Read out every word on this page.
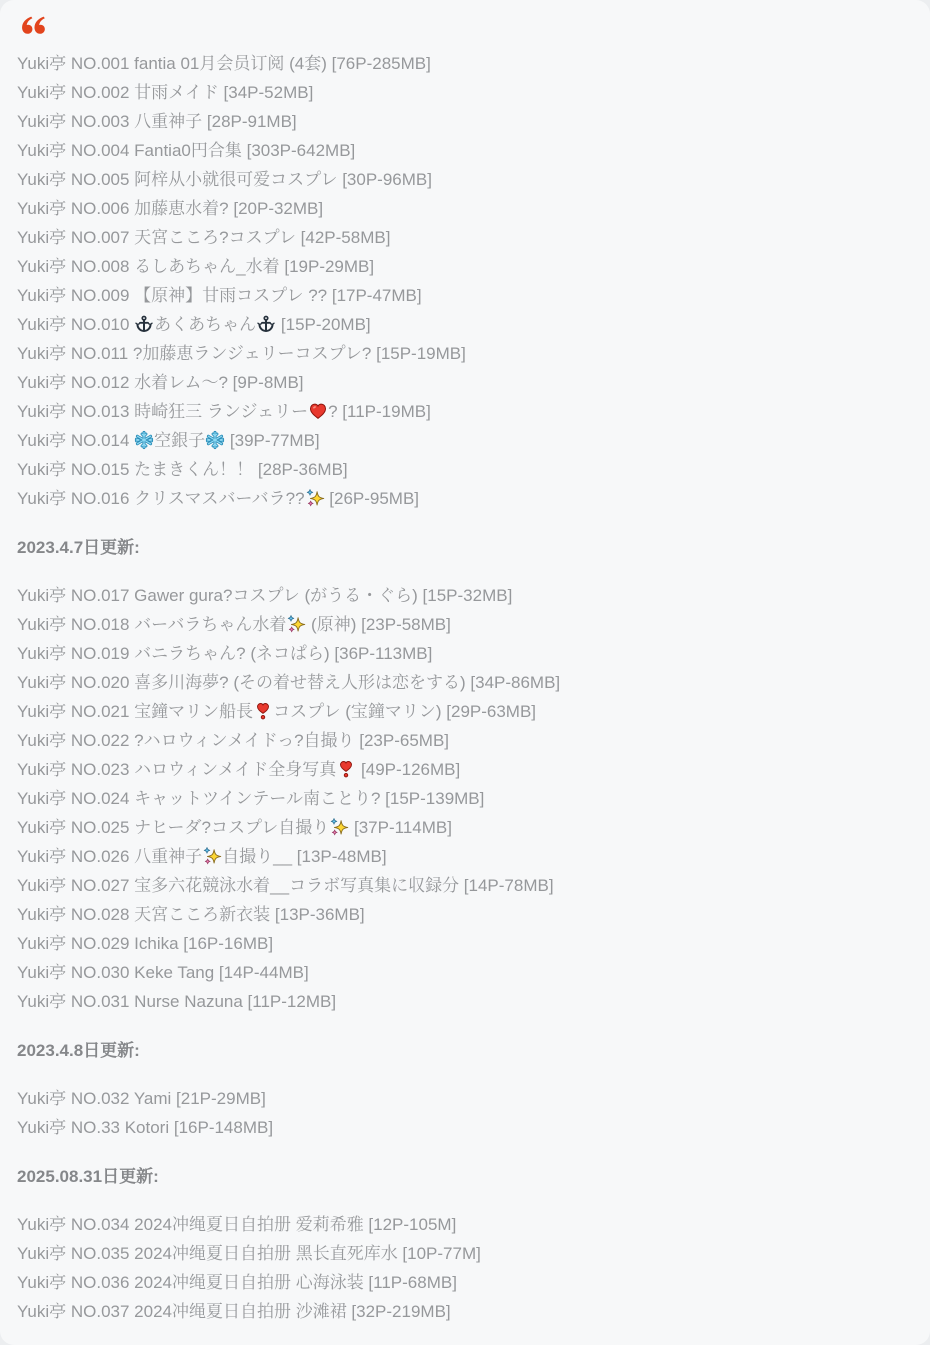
Yuki亭 NO.001 fantia 01月会员订阅 (4套) [76P-285MB]
Yuki亭 NO.002 甘雨メイド [34P-52MB]
Yuki亭 NO.003 八重神子 [28P-91MB]
Yuki亭 NO.004 Fantia0円合集 [303P-642MB]
Yuki亭 NO.005 阿梓从小就很可爱コスプレ [30P-96MB]
Yuki亭 NO.006 加藤恵水着? [20P-32MB]
Yuki亭 NO.007 天宮こころ?コスプレ [42P-58MB]
Yuki亭 NO.008 るしあちゃん_水着 [19P-29MB]
Yuki亭 NO.009 【原神】甘雨コスプレ ?? [17P-47MB]
Yuki亭 NO.010 あくあちゃん [15P-20MB]
Yuki亭 NO.011 ?加藤恵ランジェリーコスプレ? [15P-19MB]
Yuki亭 NO.012 水着レム～? [9P-8MB]
Yuki亭 NO.013 時崎狂三 ランジェリー ? [11P-19MB]
Yuki亭 NO.014 空銀子 [39P-77MB]
Yuki亭 NO.015 たまきくん！！ [28P-36MB]
Yuki亭 NO.016 クリスマスバーバラ?? [26P-95MB]
2023.4.7日更新:
Yuki亭 NO.017 Gawer gura?コスプレ (がうる・ぐら) [15P-32MB]
Yuki亭 NO.018 バーバラちゃん水着 (原神) [23P-58MB]
Yuki亭 NO.019 バニラちゃん? (ネコぱら) [36P-113MB]
Yuki亭 NO.020 喜多川海夢? (その着せ替え人形は恋をする) [34P-86MB]
Yuki亭 NO.021 宝鐘マリン船長 コスプレ (宝鐘マリン) [29P-63MB]
Yuki亭 NO.022 ?ハロウィンメイドっ?自撮り [23P-65MB]
Yuki亭 NO.023 ハロウィンメイド全身写真 [49P-126MB]
Yuki亭 NO.024 キャットツインテール南ことり? [15P-139MB]
Yuki亭 NO.025 ナヒーダ?コスプレ自撮り [37P-114MB]
Yuki亭 NO.026 八重神子 自撮り__ [13P-48MB]
Yuki亭 NO.027 宝多六花競泳水着__コラボ写真集に収録分 [14P-78MB]
Yuki亭 NO.028 天宮こころ新衣装 [13P-36MB]
Yuki亭 NO.029 Ichika [16P-16MB]
Yuki亭 NO.030 Keke Tang [14P-44MB]
Yuki亭 NO.031 Nurse Nazuna [11P-12MB]
2023.4.8日更新:
Yuki亭 NO.032 Yami [21P-29MB]
Yuki亭 NO.33 Kotori [16P-148MB]
2025.08.31日更新:
Yuki亭 NO.034 2024冲绳夏日自拍册 爱莉希雅 [12P-105M]
Yuki亭 NO.035 2024冲绳夏日自拍册 黑长直死库水 [10P-77M]
Yuki亭 NO.036 2024冲绳夏日自拍册 心海泳装 [11P-68MB]
Yuki亭 NO.037 2024冲绳夏日自拍册 沙滩裙 [32P-219MB]
